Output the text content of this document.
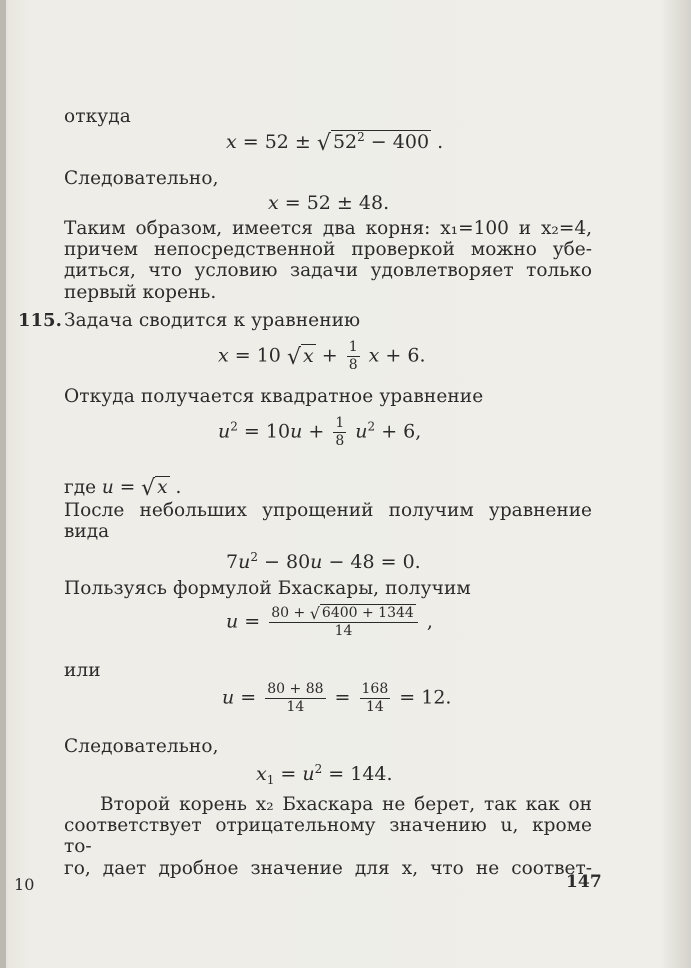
откуда
x = 52 ± √ $52^2 - 400$ .
Следовательно,
x = 52 ± 48.
Таким образом, имеется два корня: x₁=100 и x₂=4,
причем непосредственной проверкой можно убе-
диться, что условию задачи удовлетворяет только
первый корень.
115. Задача сводится к уравнению
x = 10 √ $x + \frac{1}{8}$ x + 6.
Откуда получается квадратное уравнение
$u^2 = 10u + \frac{1}{8} u^2 + 6$,
где u = √ x .
После небольших упрощений получим уравнение
вида
$7u^2 - 80u - 48 = 0$.
Пользуясь формулой Бхаскары, получим
$u = \frac{80 + √ 6400 + 1344}{14}$ ,
или
$u = \frac{80 + 88}{14} = \frac{168}{14} = 12$.
Следовательно,
$x_1 = u^2 = 144$.
Второй корень x₂ Бхаскара не берет, так как он
соответствует отрицательному значению u, кроме то-
го, дает дробное значение для x, что не соответ-
10	147
